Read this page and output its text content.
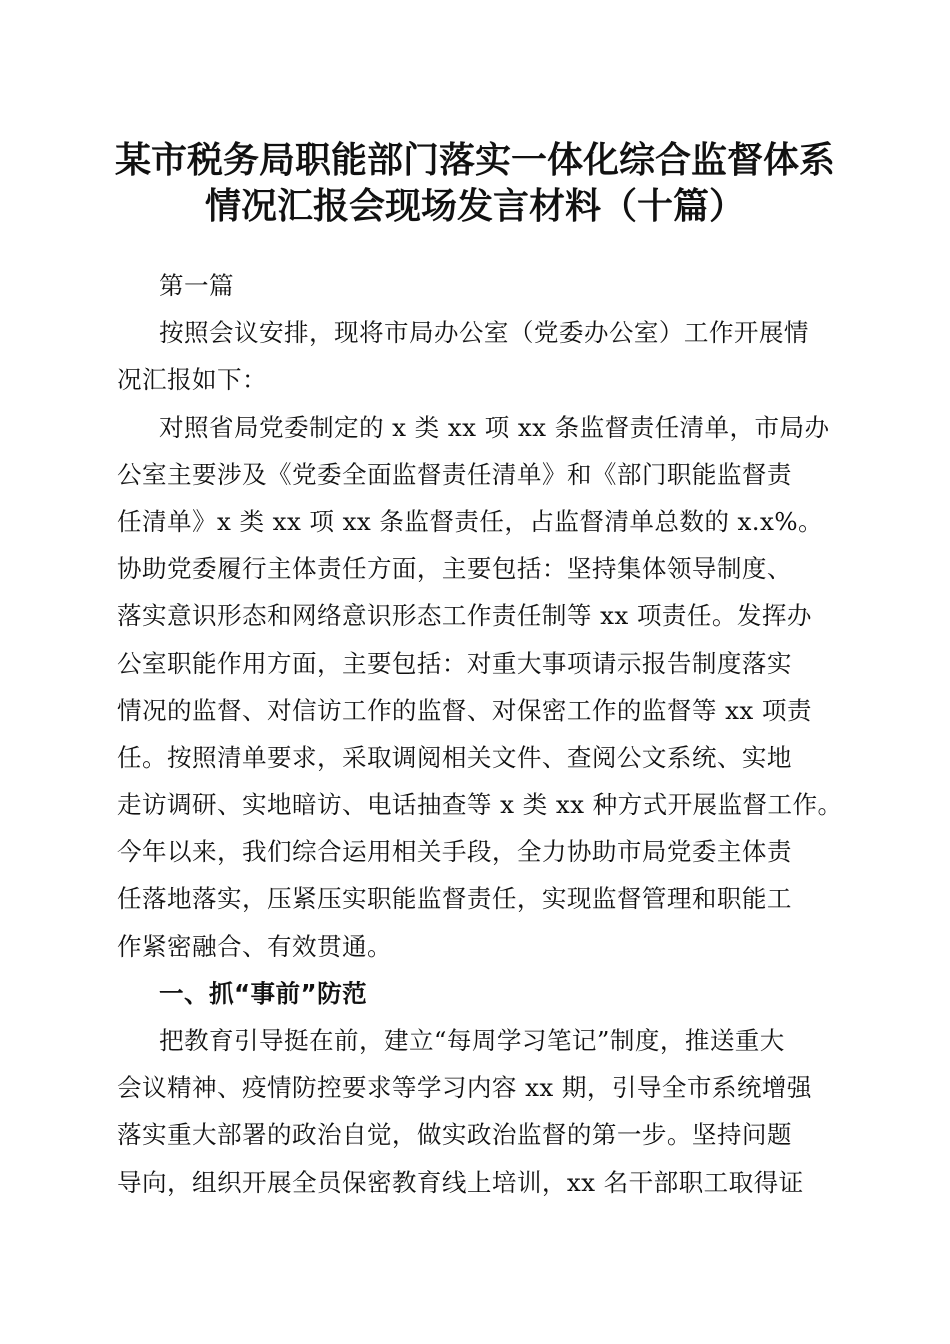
某市税务局职能部门落实一体化综合监督体系
情况汇报会现场发言材料（十篇）
第一篇
按照会议安排，现将市局办公室（党委办公室）工作开展情
况汇报如下：
对照省局党委制定的 x 类 xx 项 xx 条监督责任清单，市局办
公室主要涉及《党委全面监督责任清单》和《部门职能监督责
任清单》x 类 xx 项 xx 条监督责任，占监督清单总数的 x.x%。
协助党委履行主体责任方面，主要包括：坚持集体领导制度、
落实意识形态和网络意识形态工作责任制等 xx 项责任。发挥办
公室职能作用方面，主要包括：对重大事项请示报告制度落实
情况的监督、对信访工作的监督、对保密工作的监督等 xx 项责
任。按照清单要求，采取调阅相关文件、查阅公文系统、实地
走访调研、实地暗访、电话抽查等 x 类 xx 种方式开展监督工作。
今年以来，我们综合运用相关手段，全力协助市局党委主体责
任落地落实，压紧压实职能监督责任，实现监督管理和职能工
作紧密融合、有效贯通。
一、抓“事前”防范
把教育引导挺在前，建立“每周学习笔记”制度，推送重大
会议精神、疫情防控要求等学习内容 xx 期，引导全市系统增强
落实重大部署的政治自觉，做实政治监督的第一步。坚持问题
导向，组织开展全员保密教育线上培训，xx 名干部职工取得证
